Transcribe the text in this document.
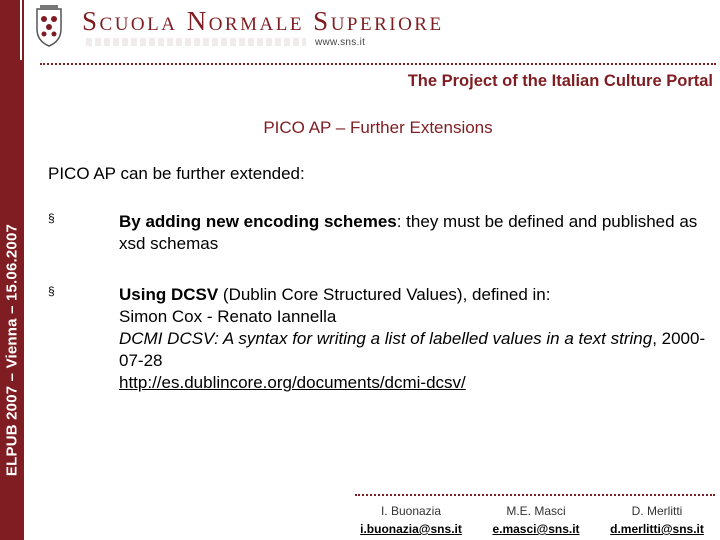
ELPUB 2007 – Vienna – 15.06.2007
Scuola Normale Superiore
www.sns.it
The Project of the Italian Culture Portal
PICO AP – Further Extensions
PICO AP can be further extended:
§	By adding new encoding schemes: they must be defined and published as xsd schemas
§	Using DCSV (Dublin Core Structured Values), defined in:
Simon Cox - Renato Iannella
DCMI DCSV: A syntax for writing a list of labelled values in a text string, 2000-07-28
http://es.dublincore.org/documents/dcmi-dcsv/
I. Buonazia
i.buonazia@sns.it
M.E. Masci
e.masci@sns.it
D. Merlitti
d.merlitti@sns.it
